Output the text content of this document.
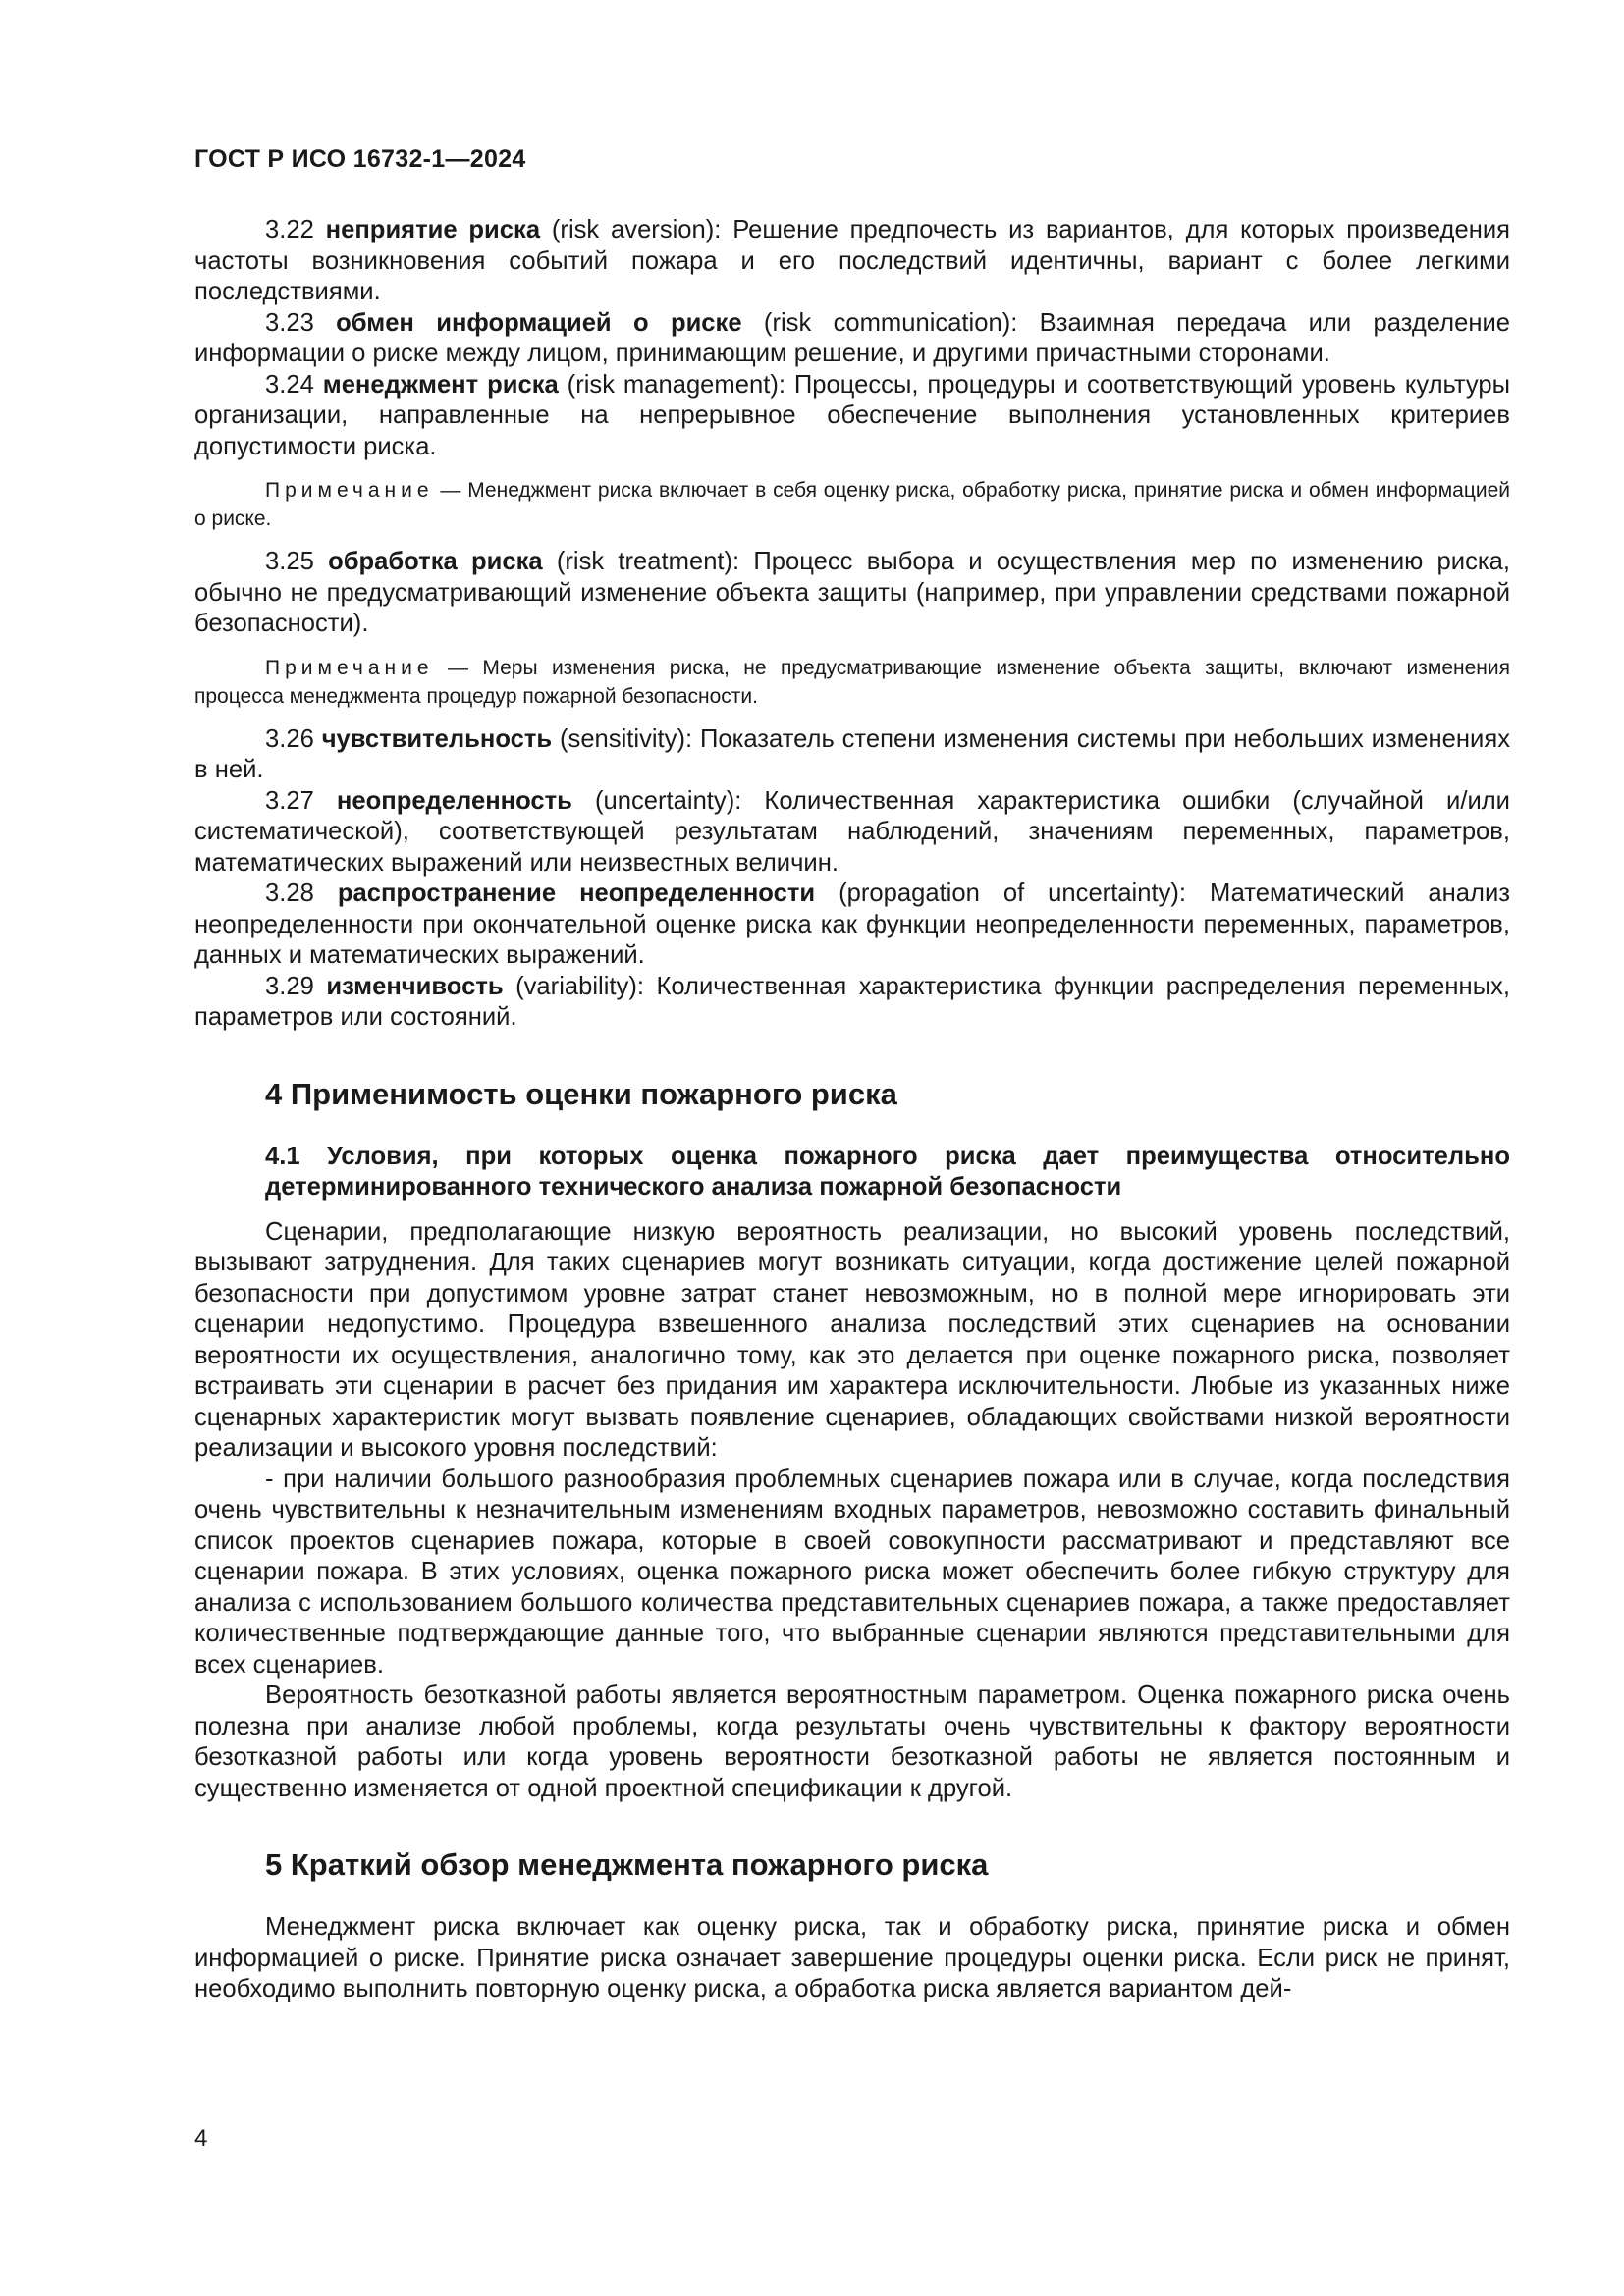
ГОСТ Р ИСО 16732-1—2024

3.22 неприятие риска (risk aversion): Решение предпочесть из вариантов, для которых произведения частоты возникновения событий пожара и его последствий идентичны, вариант с более легкими последствиями.

3.23 обмен информацией о риске (risk communication): Взаимная передача или разделение информации о риске между лицом, принимающим решение, и другими причастными сторонами.

3.24 менеджмент риска (risk management): Процессы, процедуры и соответствующий уровень культуры организации, направленные на непрерывное обеспечение выполнения установленных критериев допустимости риска.

Примечание — Менеджмент риска включает в себя оценку риска, обработку риска, принятие риска и обмен информацией о риске.

3.25 обработка риска (risk treatment): Процесс выбора и осуществления мер по изменению риска, обычно не предусматривающий изменение объекта защиты (например, при управлении средствами пожарной безопасности).

Примечание — Меры изменения риска, не предусматривающие изменение объекта защиты, включают изменения процесса менеджмента процедур пожарной безопасности.

3.26 чувствительность (sensitivity): Показатель степени изменения системы при небольших изменениях в ней.

3.27 неопределенность (uncertainty): Количественная характеристика ошибки (случайной и/или систематической), соответствующей результатам наблюдений, значениям переменных, параметров, математических выражений или неизвестных величин.

3.28 распространение неопределенности (propagation of uncertainty): Математический анализ неопределенности при окончательной оценке риска как функции неопределенности переменных, параметров, данных и математических выражений.

3.29 изменчивость (variability): Количественная характеристика функции распределения переменных, параметров или состояний.

4 Применимость оценки пожарного риска
4.1 Условия, при которых оценка пожарного риска дает преимущества относительно детерминированного технического анализа пожарной безопасности

Сценарии, предполагающие низкую вероятность реализации, но высокий уровень последствий, вызывают затруднения. Для таких сценариев могут возникать ситуации, когда достижение целей пожарной безопасности при допустимом уровне затрат станет невозможным, но в полной мере игнорировать эти сценарии недопустимо. Процедура взвешенного анализа последствий этих сценариев на основании вероятности их осуществления, аналогично тому, как это делается при оценке пожарного риска, позволяет встраивать эти сценарии в расчет без придания им характера исключительности. Любые из указанных ниже сценарных характеристик могут вызвать появление сценариев, обладающих свойствами низкой вероятности реализации и высокого уровня последствий:

- при наличии большого разнообразия проблемных сценариев пожара или в случае, когда последствия очень чувствительны к незначительным изменениям входных параметров, невозможно составить финальный список проектов сценариев пожара, которые в своей совокупности рассматривают и представляют все сценарии пожара. В этих условиях, оценка пожарного риска может обеспечить более гибкую структуру для анализа с использованием большого количества представительных сценариев пожара, а также предоставляет количественные подтверждающие данные того, что выбранные сценарии являются представительными для всех сценариев.

Вероятность безотказной работы является вероятностным параметром. Оценка пожарного риска очень полезна при анализе любой проблемы, когда результаты очень чувствительны к фактору вероятности безотказной работы или когда уровень вероятности безотказной работы не является постоянным и существенно изменяется от одной проектной спецификации к другой.

5 Краткий обзор менеджмента пожарного риска

Менеджмент риска включает как оценку риска, так и обработку риска, принятие риска и обмен информацией о риске. Принятие риска означает завершение процедуры оценки риска. Если риск не принят, необходимо выполнить повторную оценку риска, а обработка риска является вариантом дей-

4
